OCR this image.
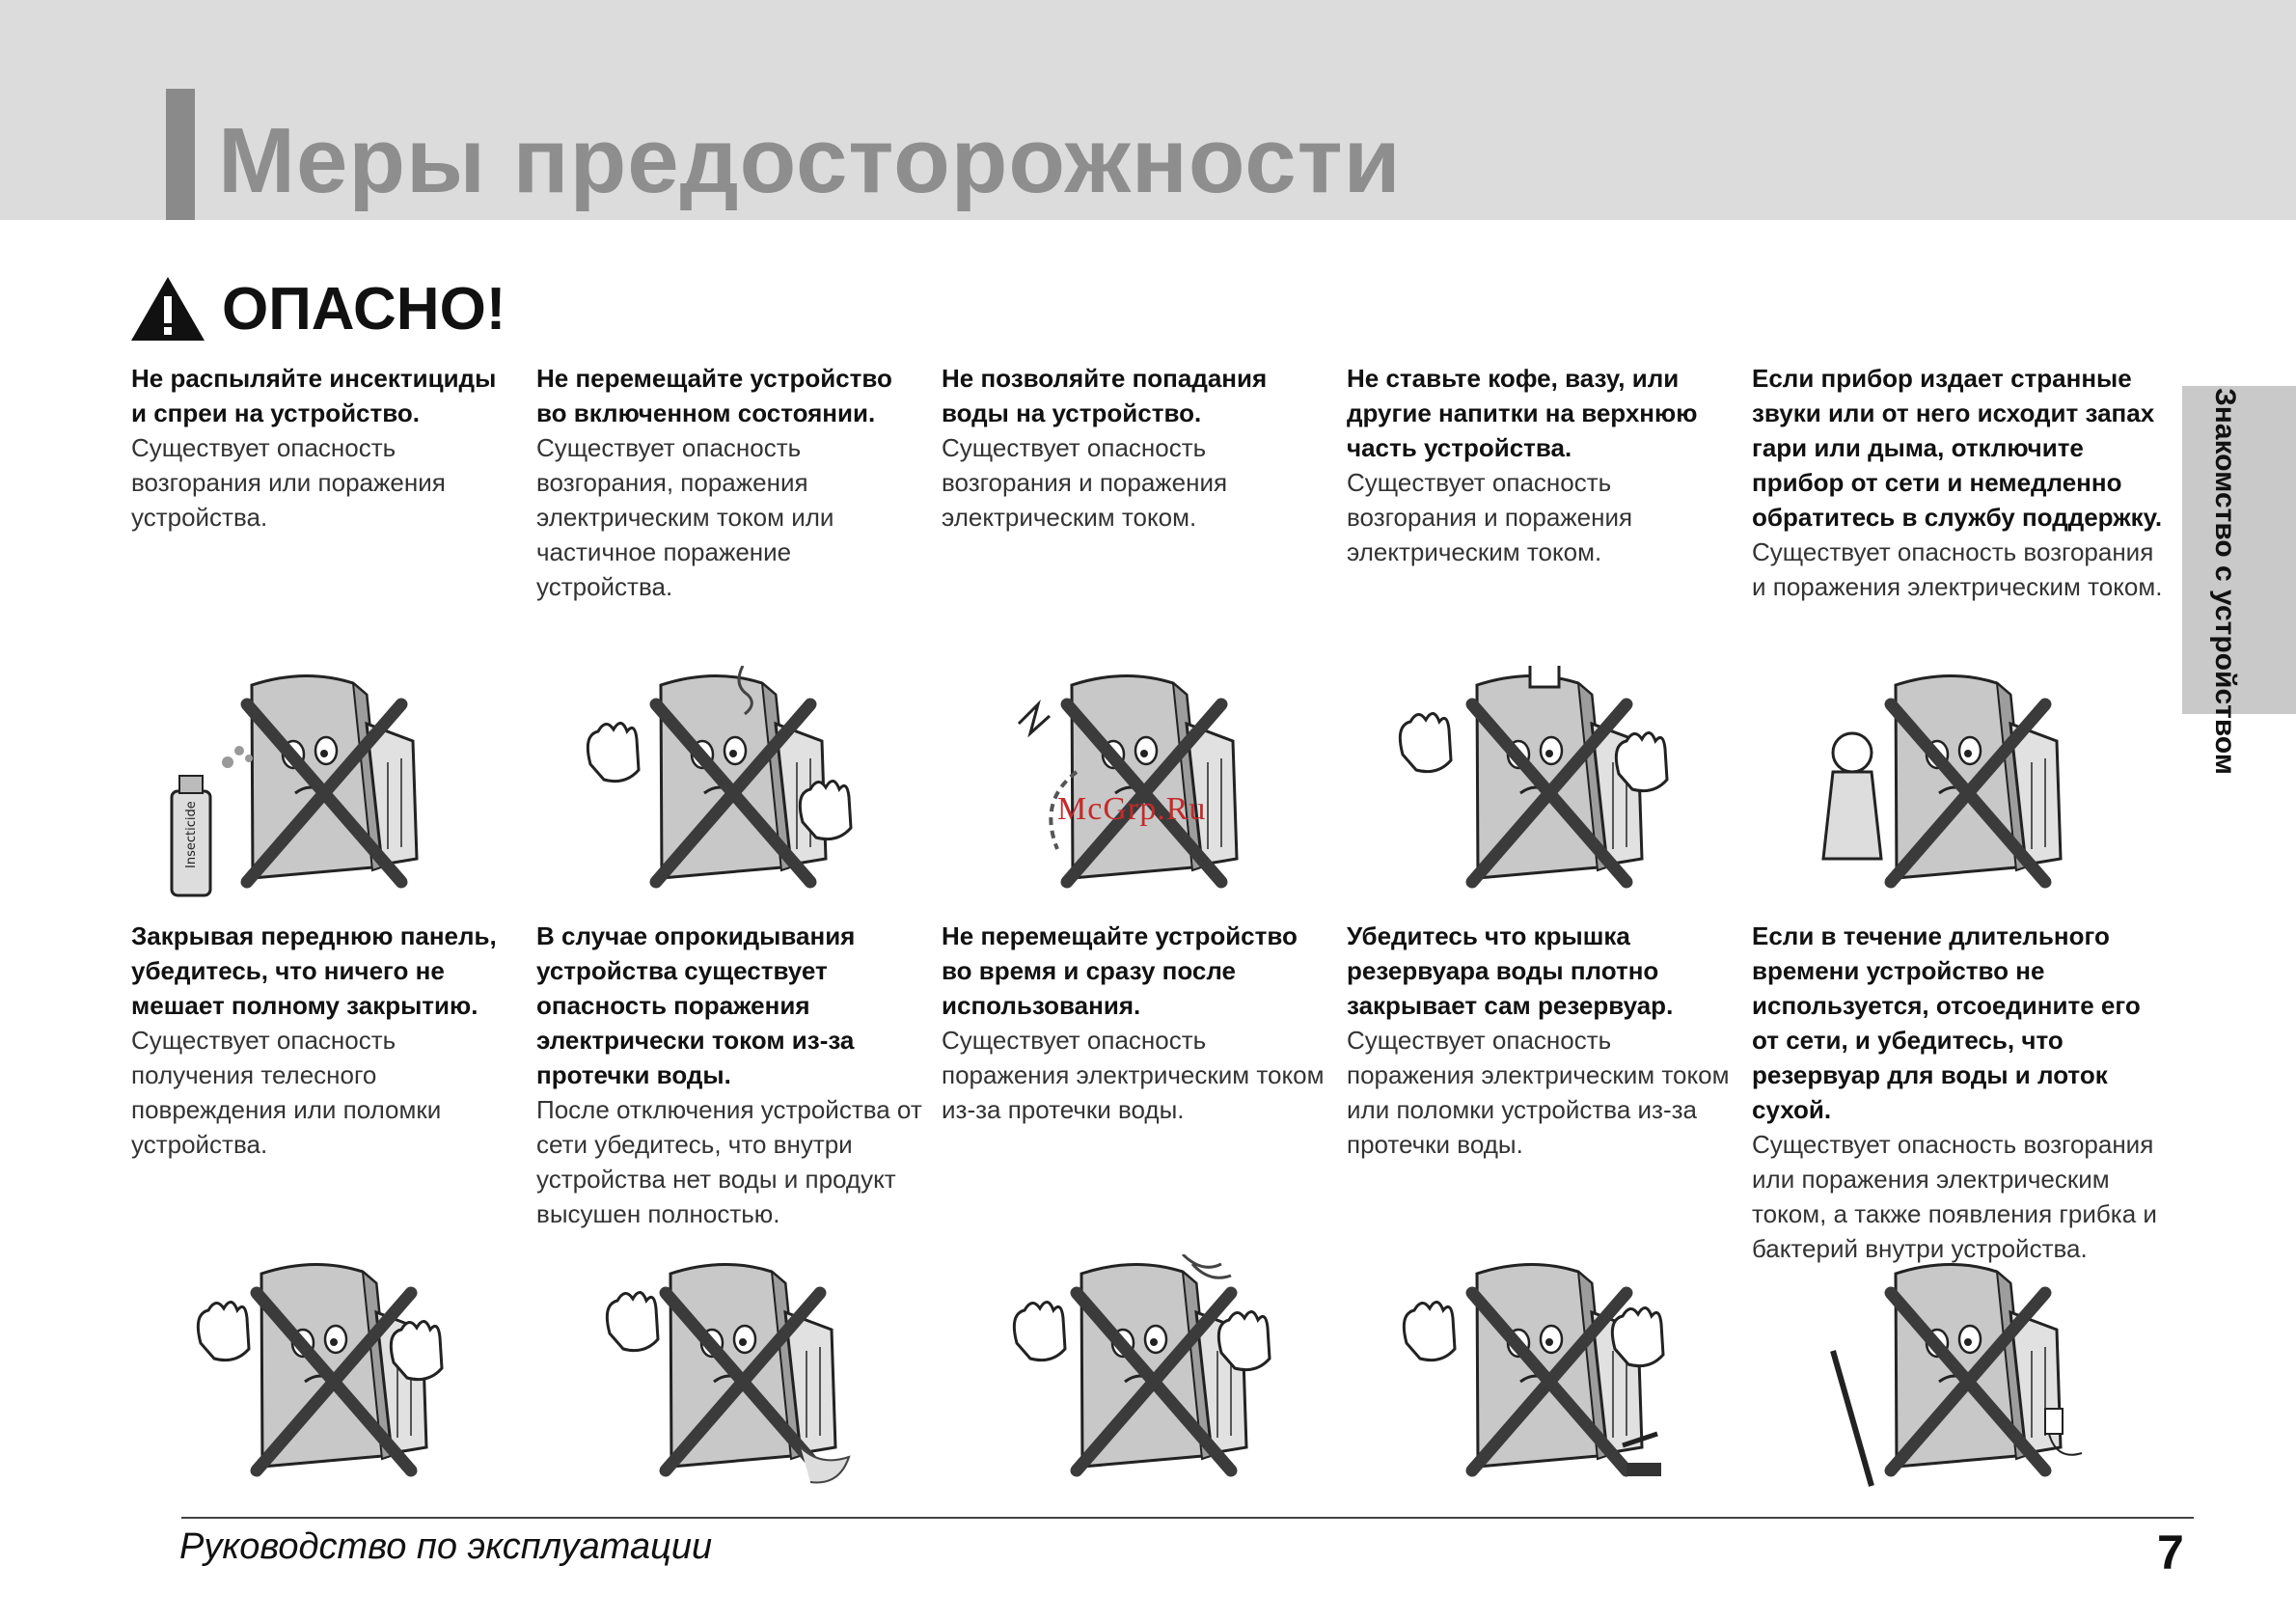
Меры предосторожности
ОПАСНО!
Знакомство с устройством

Не распыляйте инсектициды и спреи на устройство.

Существует опасность возгорания или поражения устройства.

Не перемещайте устройство во включенном состоянии.

Существует опасность возгорания, поражения электрическим током или частичное поражение устройства.

Не позволяйте попадания воды на устройство.

Существует опасность возгорания и поражения электрическим током.

Не ставьте кофе, вазу, или другие напитки на верхнюю часть устройства.

Существует опасность возгорания и поражения электрическим током.

Если прибор издает странные звуки или от него исходит запах гари или дыма, отключите прибор от сети и немедленно обратитесь в службу поддержку.

Существует опасность возгорания и поражения электрическим током.

Insecticide	McGrp.Ru

Закрывая переднюю панель, убедитесь, что ничего не мешает полному закрытию.

Существует опасность получения телесного повреждения или поломки устройства.

В случае опрокидывания устройства существует опасность поражения электрически током из-за протечки воды.

После отключения устройства от сети убедитесь, что внутри устройства нет воды и продукт высушен полностью.

Не перемещайте устройство во время и сразу после использования.

Существует опасность поражения электрическим током из-за протечки воды.

Убедитесь что крышка резервуара воды плотно закрывает сам резервуар.

Существует опасность поражения электрическим током или поломки устройства из-за протечки воды.

Если в течение длительного времени устройство не используется, отсоедините его от сети, и убедитесь, что резервуар для воды и лоток сухой.

Существует опасность возгорания или поражения электрическим током, а также появления грибка и бактерий внутри устройства.

Руководство по эксплуатации	7
